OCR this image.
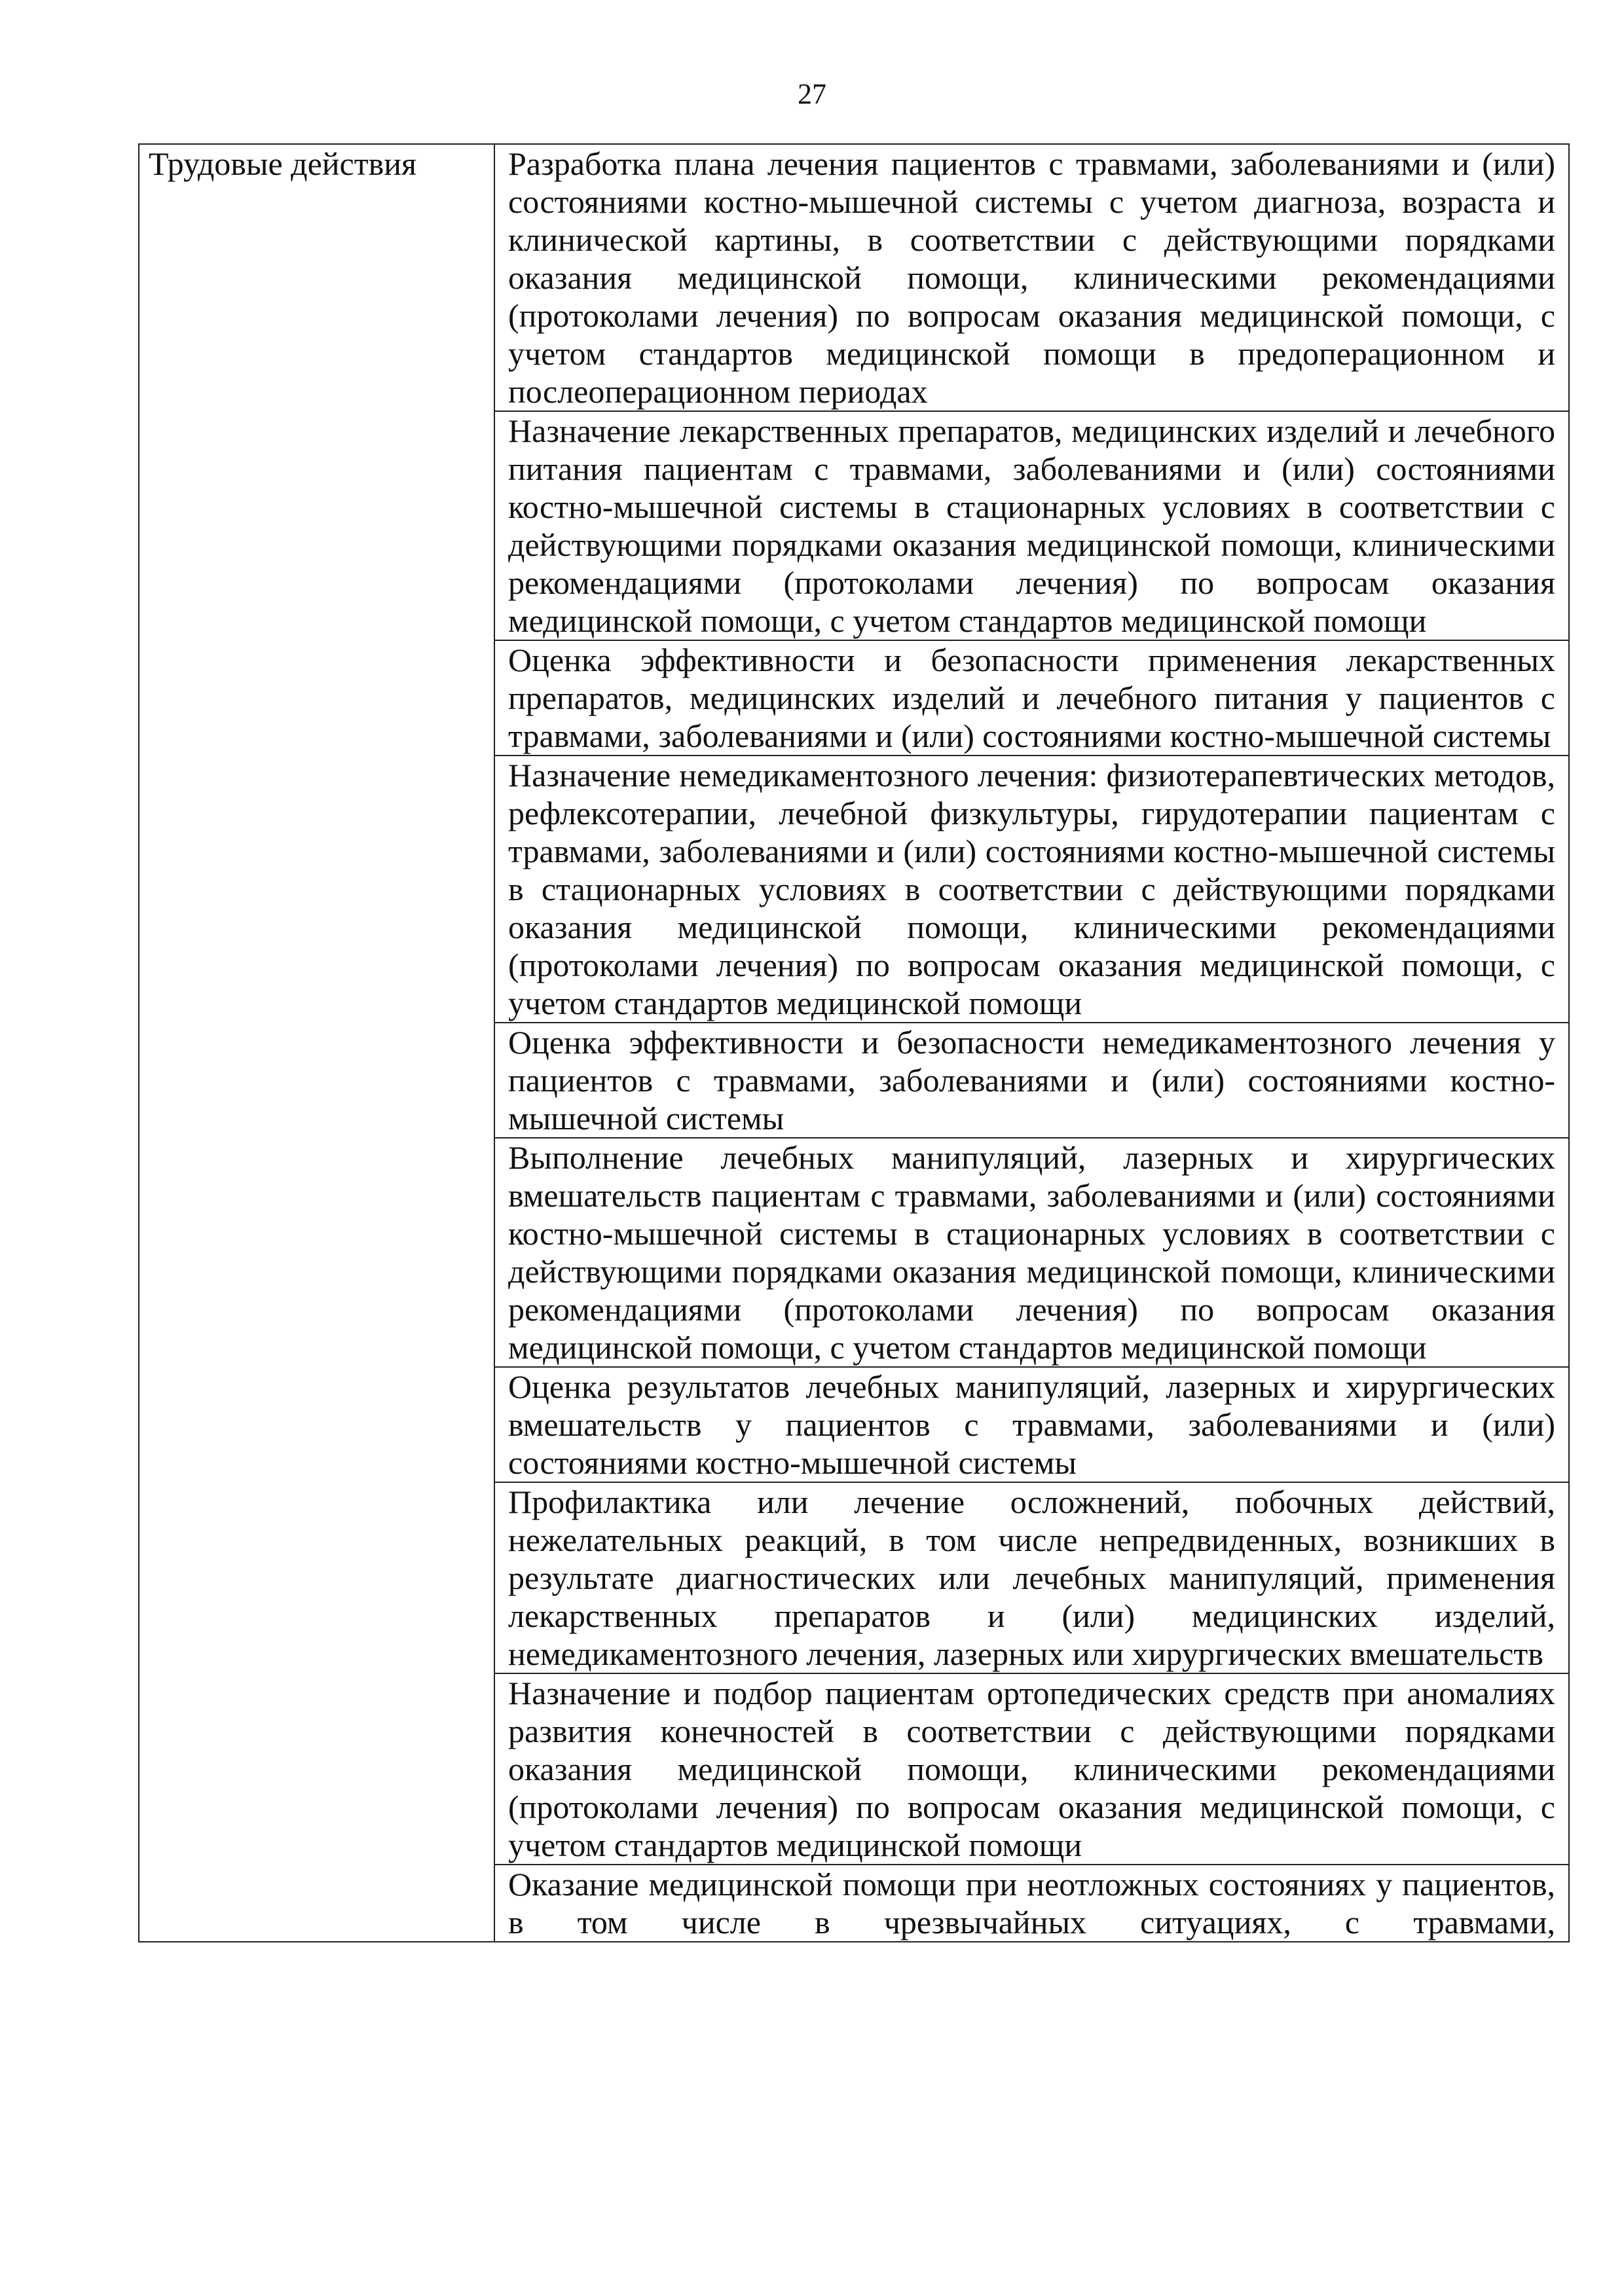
27
Трудовые действия	Разработка плана лечения пациентов с травмами, заболеваниями и (или) состояниями костно-мышечной системы с учетом диагноза, возраста и клинической картины, в соответствии с действующими порядками оказания медицинской помощи, клиническими рекомендациями (протоколами лечения) по вопросам оказания медицинской помощи, с учетом стандартов медицинской помощи в предоперационном и послеоперационном периодах

Назначение лекарственных препаратов, медицинских изделий и лечебного питания пациентам с травмами, заболеваниями и (или) состояниями костно-мышечной системы в стационарных условиях в соответствии с действующими порядками оказания медицинской помощи, клиническими рекомендациями (протоколами лечения) по вопросам оказания медицинской помощи, с учетом стандартов медицинской помощи

Оценка эффективности и безопасности применения лекарственных препаратов, медицинских изделий и лечебного питания у пациентов с травмами, заболеваниями и (или) состояниями костно-мышечной системы

Назначение немедикаментозного лечения: физиотерапевтических методов, рефлексотерапии, лечебной физкультуры, гирудотерапии пациентам с травмами, заболеваниями и (или) состояниями костно-мышечной системы в стационарных условиях в соответствии с действующими порядками оказания медицинской помощи, клиническими рекомендациями (протоколами лечения) по вопросам оказания медицинской помощи, с учетом стандартов медицинской помощи

Оценка эффективности и безопасности немедикаментозного лечения у пациентов с травмами, заболеваниями и (или) состояниями костно-мышечной системы

Выполнение лечебных манипуляций, лазерных и хирургических вмешательств пациентам с травмами, заболеваниями и (или) состояниями костно-мышечной системы в стационарных условиях в соответствии с действующими порядками оказания медицинской помощи, клиническими рекомендациями (протоколами лечения) по вопросам оказания медицинской помощи, с учетом стандартов медицинской помощи

Оценка результатов лечебных манипуляций, лазерных и хирургических вмешательств у пациентов с травмами, заболеваниями и (или) состояниями костно-мышечной системы

Профилактика или лечение осложнений, побочных действий, нежелательных реакций, в том числе непредвиденных, возникших в результате диагностических или лечебных манипуляций, применения лекарственных препаратов и (или) медицинских изделий, немедикаментозного лечения, лазерных или хирургических вмешательств

Назначение и подбор пациентам ортопедических средств при аномалиях развития конечностей в соответствии с действующими порядками оказания медицинской помощи, клиническими рекомендациями (протоколами лечения) по вопросам оказания медицинской помощи, с учетом стандартов медицинской помощи

Оказание медицинской помощи при неотложных состояниях у пациентов, в том числе в чрезвычайных ситуациях, с травмами,
